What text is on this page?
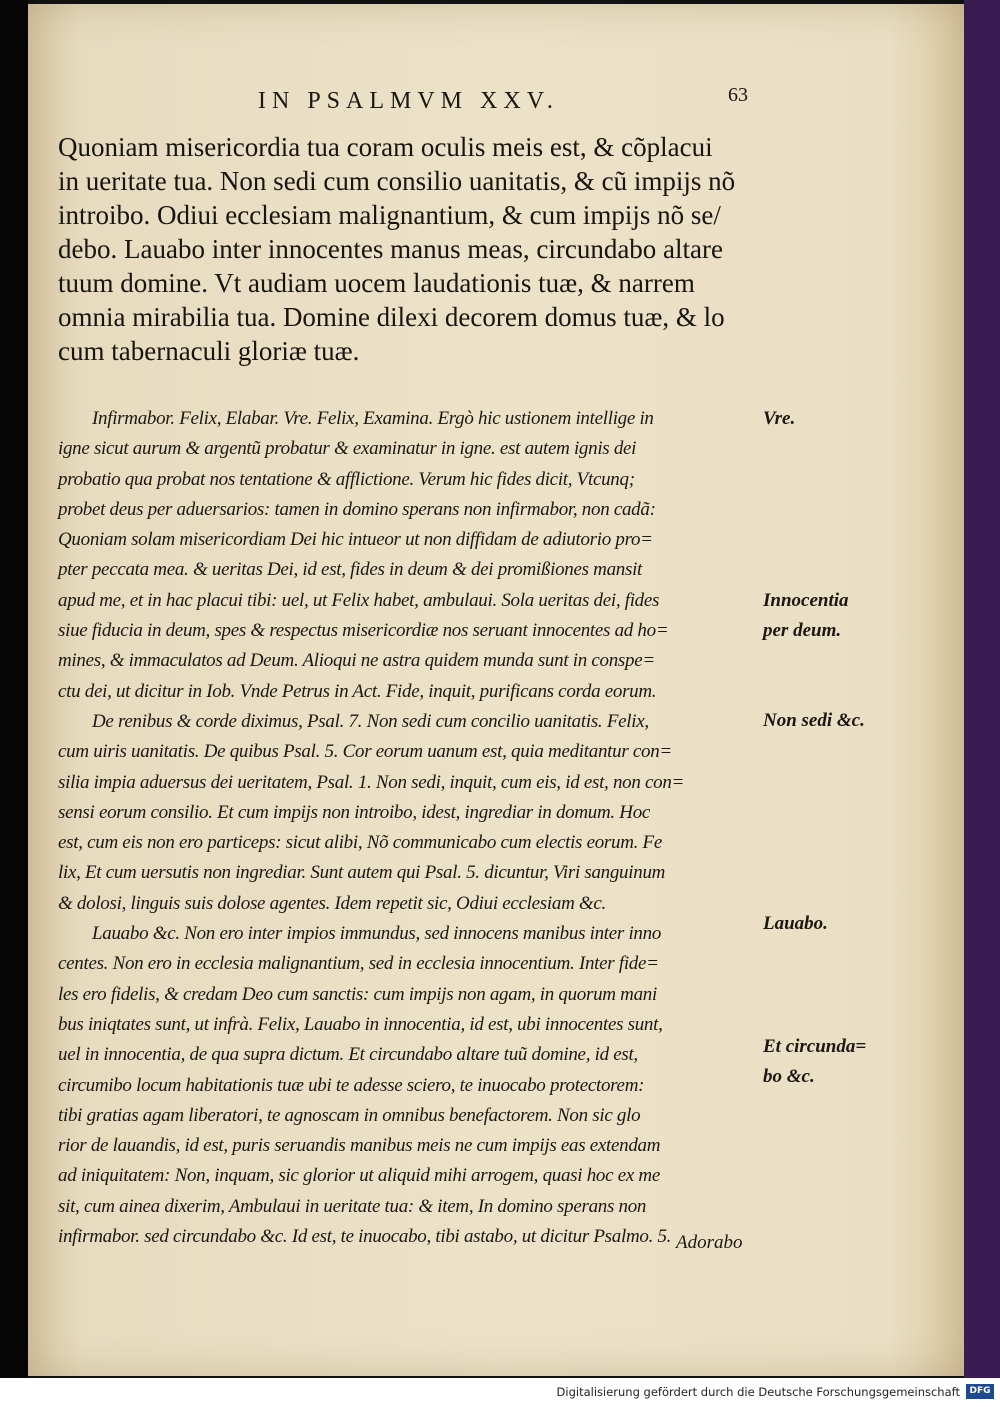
IN PSALMVM XXV.	63
Quoniam misericordia tua coram oculis meis est, & cõplacui
in ueritate tua. Non sedi cum consilio uanitatis, & cũ impijs nõ
introibo. Odiui ecclesiam malignantium, & cum impijs nõ se/
debo. Lauabo inter innocentes manus meas, circundabo altare
tuum domine. Vt audiam uocem laudationis tuæ, & narrem
omnia mirabilia tua. Domine dilexi decorem domus tuæ, & lo
cum tabernaculi gloriæ tuæ.
Infirmabor. Felix, Elabar. Vre. Felix, Examina. Ergò hic ustionem intellige in
igne sicut aurum & argentũ probatur & examinatur in igne. est autem ignis dei
probatio qua probat nos tentatione & afflictione. Verum hic fides dicit, Vtcunq;
probet deus per aduersarios: tamen in domino sperans non infirmabor, non cadã:
Quoniam solam misericordiam Dei hic intueor ut non diffidam de adiutorio pro=
pter peccata mea. & ueritas Dei, id est, fides in deum & dei promißiones mansit
apud me, et in hac placui tibi: uel, ut Felix habet, ambulaui. Sola ueritas dei, fides
siue fiducia in deum, spes & respectus misericordiæ nos seruant innocentes ad ho=
mines, & immaculatos ad Deum. Alioqui ne astra quidem munda sunt in conspe=
ctu dei, ut dicitur in Iob. Vnde Petrus in Act. Fide, inquit, purificans corda eorum.
De renibus & corde diximus, Psal. 7. Non sedi cum concilio uanitatis. Felix,
cum uiris uanitatis. De quibus Psal. 5. Cor eorum uanum est, quia meditantur con=
silia impia aduersus dei ueritatem, Psal. 1. Non sedi, inquit, cum eis, id est, non con=
sensi eorum consilio. Et cum impijs non introibo, idest, ingrediar in domum. Hoc
est, cum eis non ero particeps: sicut alibi, Nõ communicabo cum electis eorum. Fe
lix, Et cum uersutis non ingrediar. Sunt autem qui Psal. 5. dicuntur, Viri sanguinum
& dolosi, linguis suis dolose agentes. Idem repetit sic, Odiui ecclesiam &c.
Lauabo &c. Non ero inter impios immundus, sed innocens manibus inter inno
centes. Non ero in ecclesia malignantium, sed in ecclesia innocentium. Inter fide=
les ero fidelis, & credam Deo cum sanctis: cum impijs non agam, in quorum mani
bus iniqtates sunt, ut infrà. Felix, Lauabo in innocentia, id est, ubi innocentes sunt,
uel in innocentia, de qua supra dictum. Et circundabo altare tuũ domine, id est,
circumibo locum habitationis tuæ ubi te adesse sciero, te inuocabo protectorem:
tibi gratias agam liberatori, te agnoscam in omnibus benefactorem. Non sic glo
rior de lauandis, id est, puris seruandis manibus meis ne cum impijs eas extendam
ad iniquitatem: Non, inquam, sic glorior ut aliquid mihi arrogem, quasi hoc ex me
sit, cum ainea dixerim, Ambulaui in ueritate tua: & item, In domino sperans non
infirmabor. sed circundabo &c. Id est, te inuocabo, tibi astabo, ut dicitur Psalmo. 5. Adorabo
Vre.
Innocentia
per deum.
Non sedi &c.
Lauabo.
Et circunda=
bo &c.
Digitalisierung gefördert durch die Deutsche Forschungsgemeinschaft	DFG
